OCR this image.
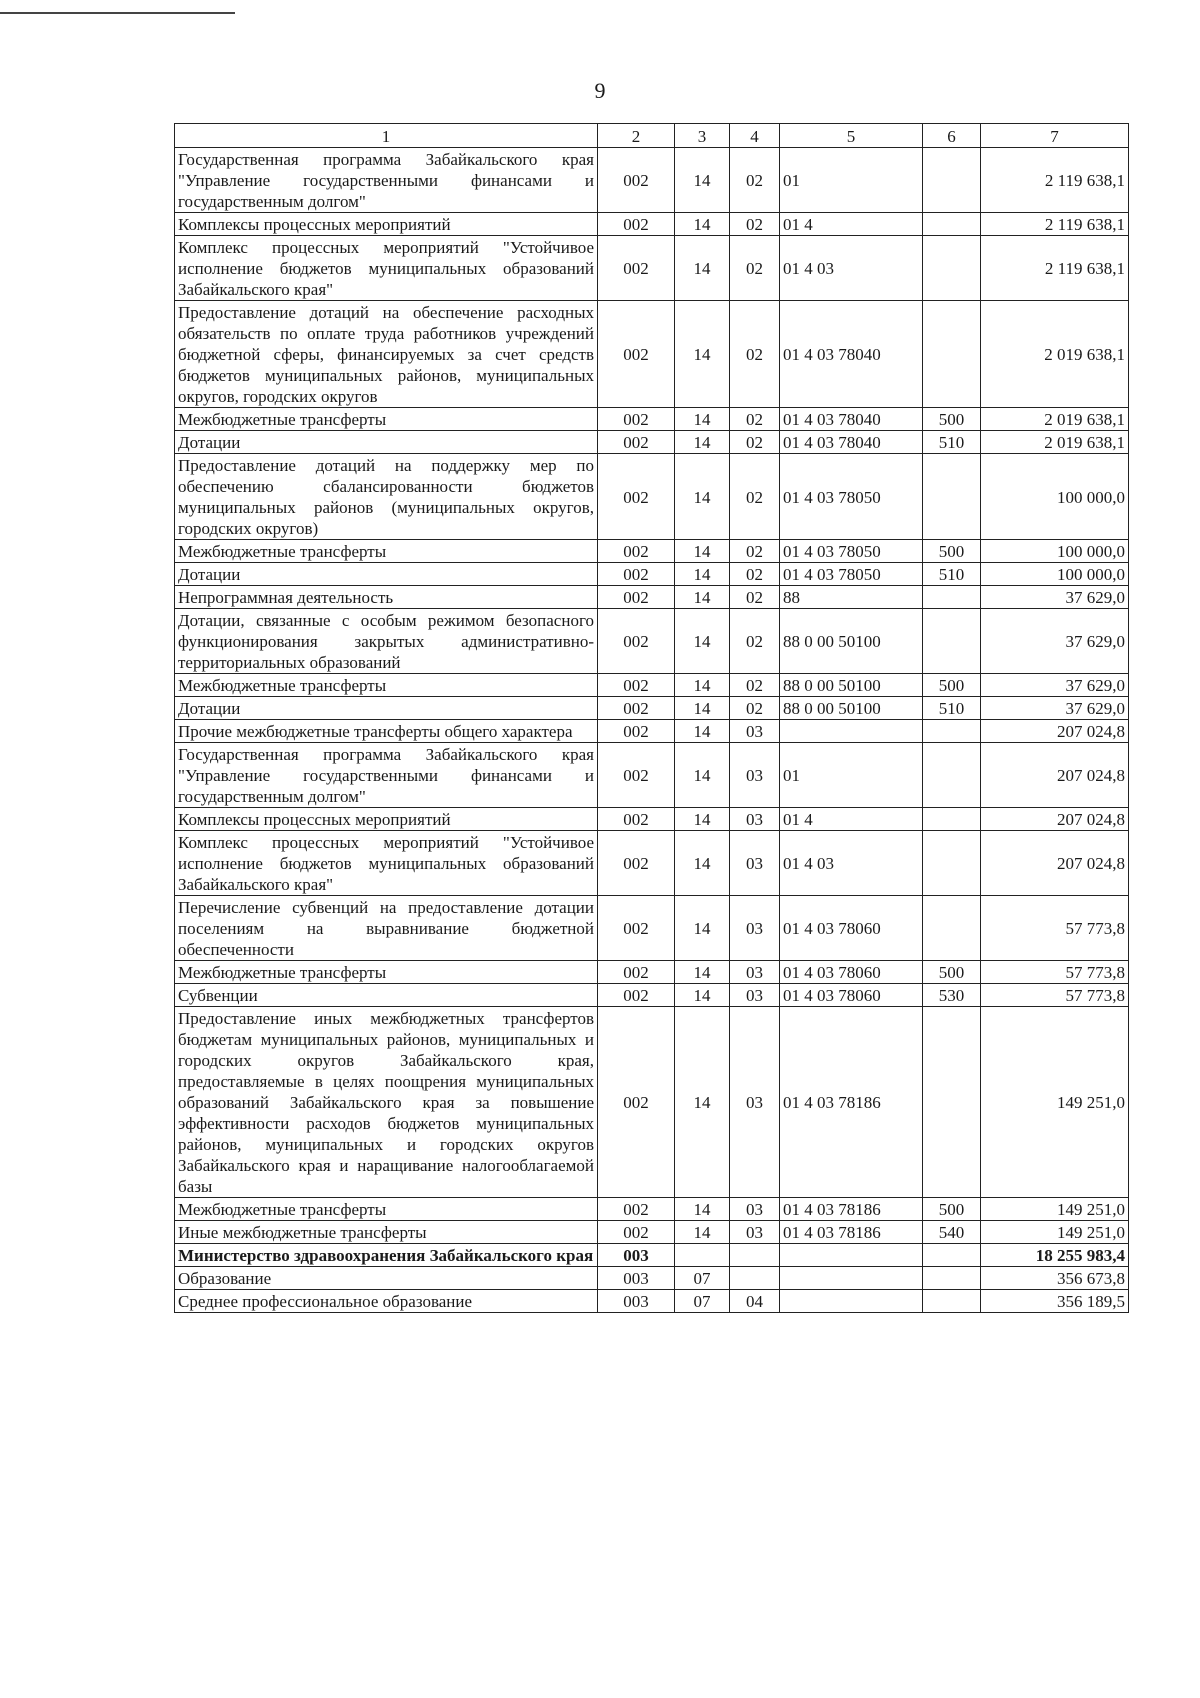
9
1	2	3	4	5	6	7
Государственная программа Забайкальского края "Управление государственными финансами и государственным долгом"	002	14	02	01		2 119 638,1
Комплексы процессных мероприятий	002	14	02	01 4		2 119 638,1
Комплекс процессных мероприятий "Устойчивое исполнение бюджетов муниципальных образований Забайкальского края"	002	14	02	01 4 03		2 119 638,1
Предоставление дотаций на обеспечение расходных обязательств по оплате труда работников учреждений бюджетной сферы, финансируемых за счет средств бюджетов муниципальных районов, муниципальных округов, городских округов	002	14	02	01 4 03 78040		2 019 638,1
Межбюджетные трансферты	002	14	02	01 4 03 78040	500	2 019 638,1
Дотации	002	14	02	01 4 03 78040	510	2 019 638,1
Предоставление дотаций на поддержку мер по обеспечению сбалансированности бюджетов муниципальных районов (муниципальных округов, городских округов)	002	14	02	01 4 03 78050		100 000,0
Межбюджетные трансферты	002	14	02	01 4 03 78050	500	100 000,0
Дотации	002	14	02	01 4 03 78050	510	100 000,0
Непрограммная деятельность	002	14	02	88		37 629,0
Дотации, связанные с особым режимом безопасного функционирования закрытых административно-территориальных образований	002	14	02	88 0 00 50100		37 629,0
Межбюджетные трансферты	002	14	02	88 0 00 50100	500	37 629,0
Дотации	002	14	02	88 0 00 50100	510	37 629,0
Прочие межбюджетные трансферты общего характера	002	14	03			207 024,8
Государственная программа Забайкальского края "Управление государственными финансами и государственным долгом"	002	14	03	01		207 024,8
Комплексы процессных мероприятий	002	14	03	01 4		207 024,8
Комплекс процессных мероприятий "Устойчивое исполнение бюджетов муниципальных образований Забайкальского края"	002	14	03	01 4 03		207 024,8
Перечисление субвенций на предоставление дотации поселениям на выравнивание бюджетной обеспеченности	002	14	03	01 4 03 78060		57 773,8
Межбюджетные трансферты	002	14	03	01 4 03 78060	500	57 773,8
Субвенции	002	14	03	01 4 03 78060	530	57 773,8
Предоставление иных межбюджетных трансфертов бюджетам муниципальных районов, муниципальных и городских округов Забайкальского края, предоставляемые в целях поощрения муниципальных образований Забайкальского края за повышение эффективности расходов бюджетов муниципальных районов, муниципальных и городских округов Забайкальского края и наращивание налогооблагаемой базы	002	14	03	01 4 03 78186		149 251,0
Межбюджетные трансферты	002	14	03	01 4 03 78186	500	149 251,0
Иные межбюджетные трансферты	002	14	03	01 4 03 78186	540	149 251,0
Министерство здравоохранения Забайкальского края	003					18 255 983,4
Образование	003	07				356 673,8
Среднее профессиональное образование	003	07	04			356 189,5
